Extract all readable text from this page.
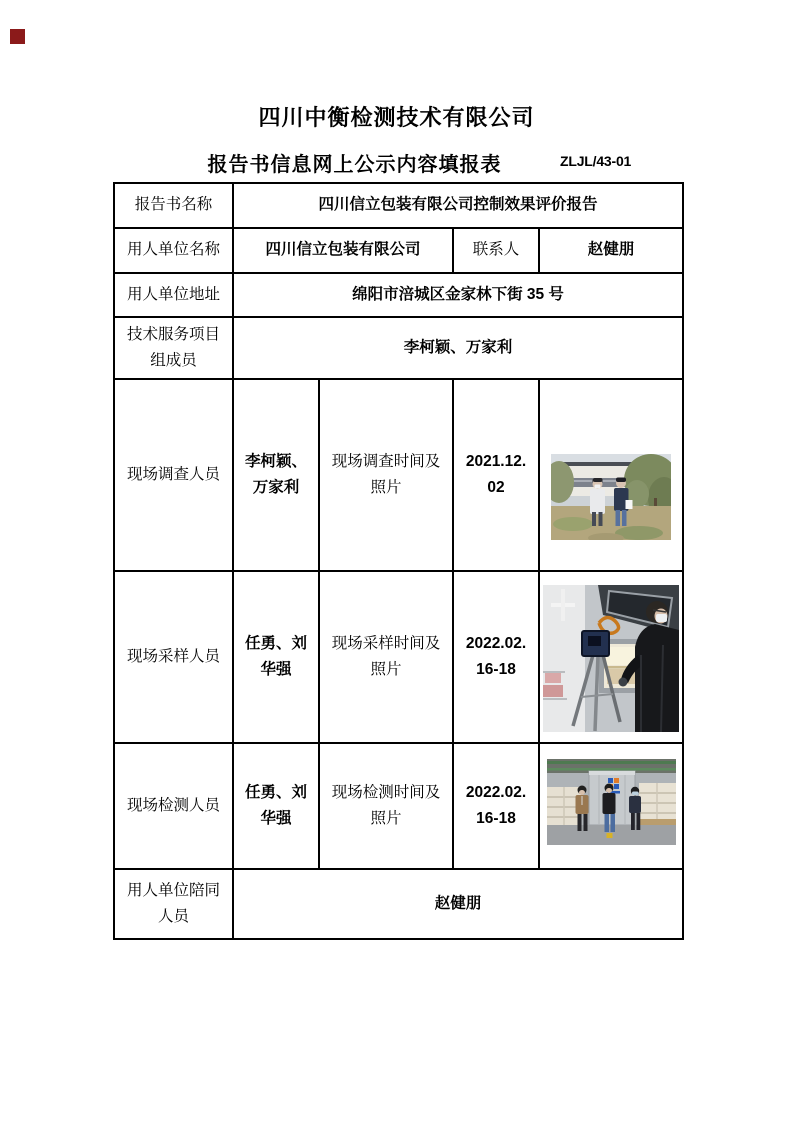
四川中衡检测技术有限公司
报告书信息网上公示内容填报表	ZLJL/43-01
报告书名称	四川信立包装有限公司控制效果评价报告			
用人单位名称	四川信立包装有限公司		联系人	赵健朋
用人单位地址	绵阳市涪城区金家林下街 35 号			
技术服务项目组成员	李柯颖、万家利			
现场调查人员	李柯颖、万家利	现场调查时间及照片	2021.12.02	

现场采样人员	任勇、刘华强	现场采样时间及照片	2022.02.16-18	

现场检测人员	任勇、刘华强	现场检测时间及照片	2022.02.16-18	

用人单位陪同人员	赵健朋			
